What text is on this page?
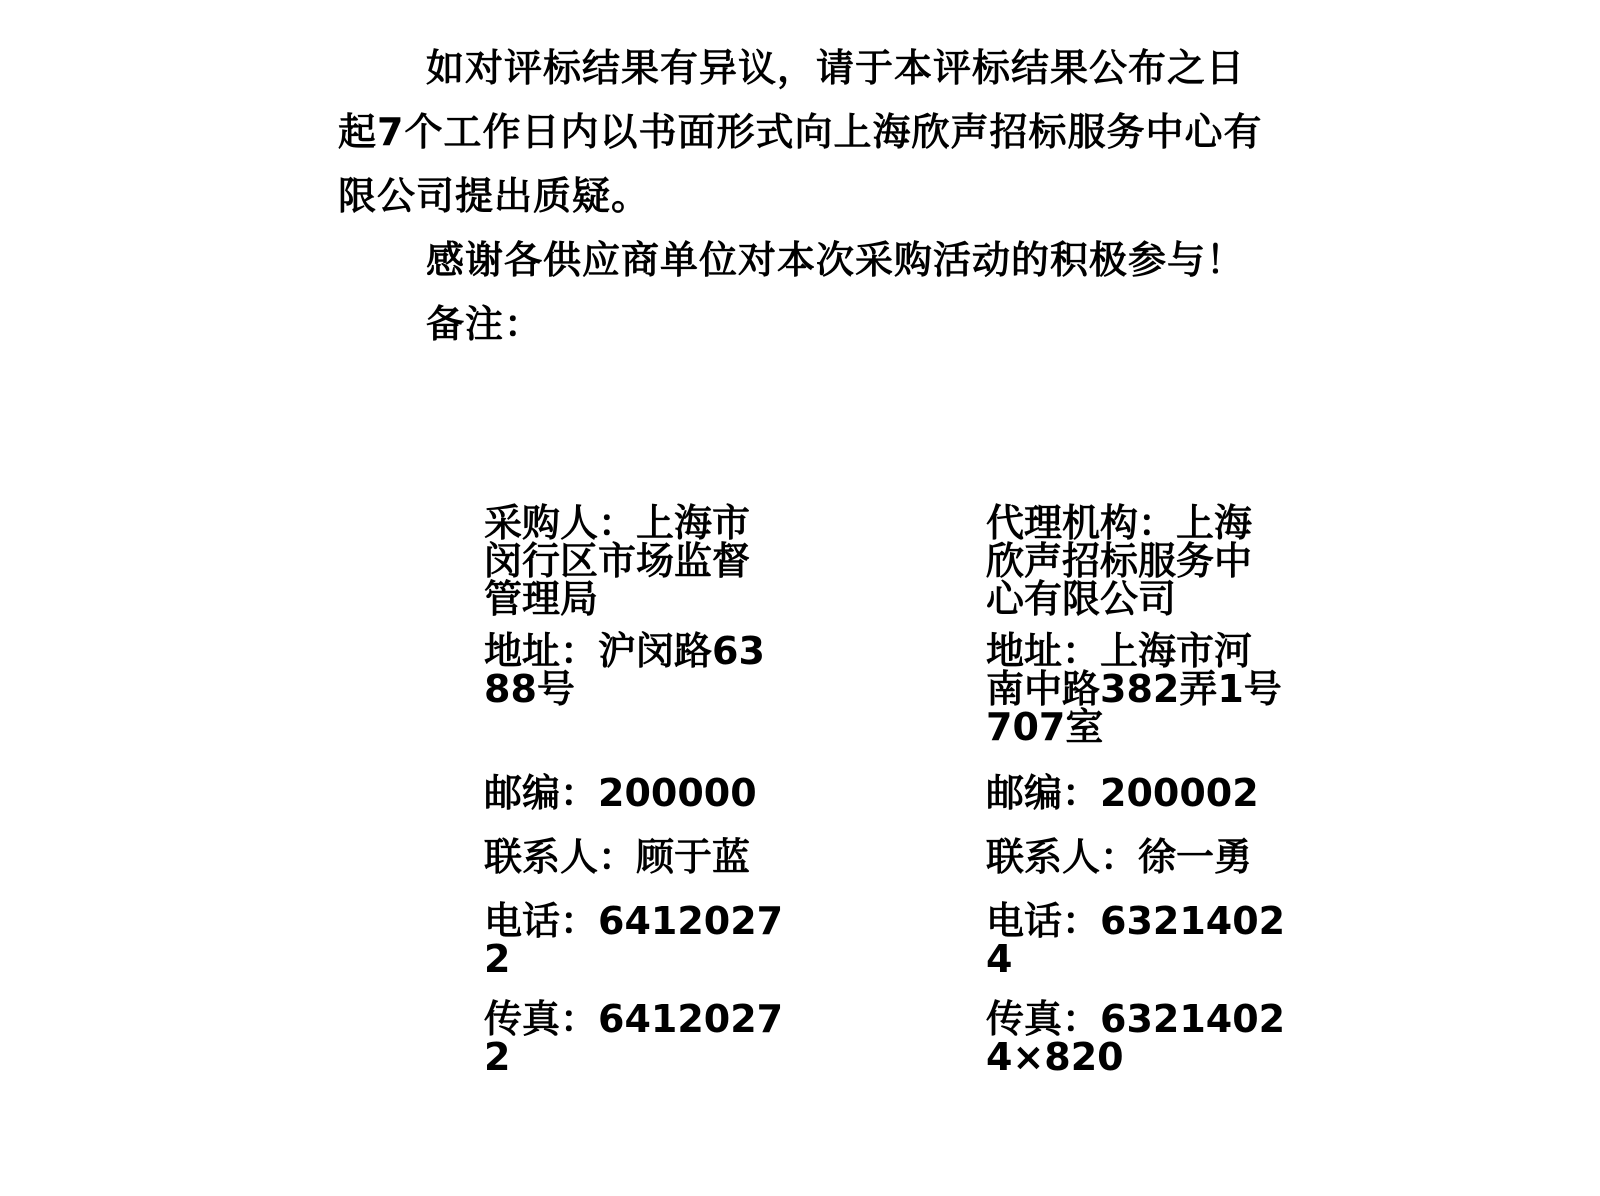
如对评标结果有异议，请于本评标结果公布之日起7个工作日内以书面形式向上海欣声招标服务中心有限公司提出质疑。

感谢各供应商单位对本次采购活动的积极参与！

备注：

采购人：上海市闵行区市场监督管理局

地址：沪闵路6388号

邮编：200000

联系人：顾于蓝

电话：64120272

传真：64120272

代理机构：上海欣声招标服务中心有限公司

地址：上海市河南中路382弄1号707室

邮编：200002

联系人：徐一勇

电话：63214024

传真：63214024×820
